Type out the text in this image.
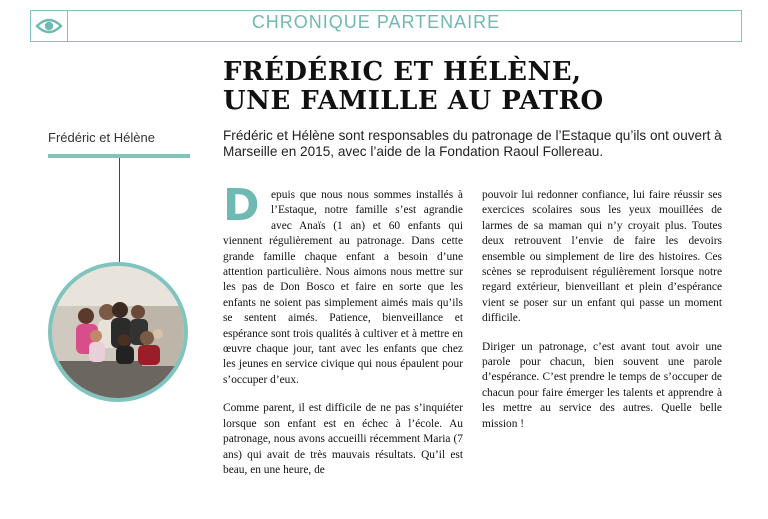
CHRONIQUE PARTENAIRE
FRÉDÉRIC ET HÉLÈNE,
UNE FAMILLE AU PATRO
Frédéric et Hélène	Frédéric et Hélène sont responsables du patronage de l’Estaque qu’ils ont ouvert à Marseille en 2015, avec l’aide de la Fondation Raoul Follereau.

D	epuis que nous nous sommes installés à l’Estaque, notre famille s’est agrandie avec Anaïs (1 an) et 60 enfants qui viennent régulièrement au patronage. Dans cette grande famille chaque enfant a besoin d’une attention particulière. Nous aimons nous mettre sur les pas de Don Bosco et faire en sorte que les enfants ne soient pas simplement aimés mais qu’ils se sentent aimés. Patience, bienveillance et espérance sont trois qualités à cultiver et à mettre en œuvre chaque jour, tant avec les enfants que chez les jeunes en service civique qui nous épaulent pour s’occuper d’eux.

Comme parent, il est difficile de ne pas s’inquiéter lorsque son enfant est en échec à l’école. Au patronage, nous avons accueilli récemment Maria (7 ans) qui avait de très mauvais résultats. Qu’il est beau, en une heure, de

pouvoir lui redonner confiance, lui faire réussir ses exercices scolaires sous les yeux mouillées de larmes de sa maman qui n’y croyait plus. Toutes deux retrouvent l’envie de faire les devoirs ensemble ou simplement de lire des histoires. Ces scènes se reproduisent régulièrement lorsque notre regard extérieur, bienveillant et plein d’espérance vient se poser sur un enfant qui passe un moment difficile.

Diriger un patronage, c’est avant tout avoir une parole pour chacun, bien souvent une parole d’espérance. C’est prendre le temps de s’occuper de chacun pour faire émerger les talents et apprendre à les mettre au service des autres. Quelle belle mission !
